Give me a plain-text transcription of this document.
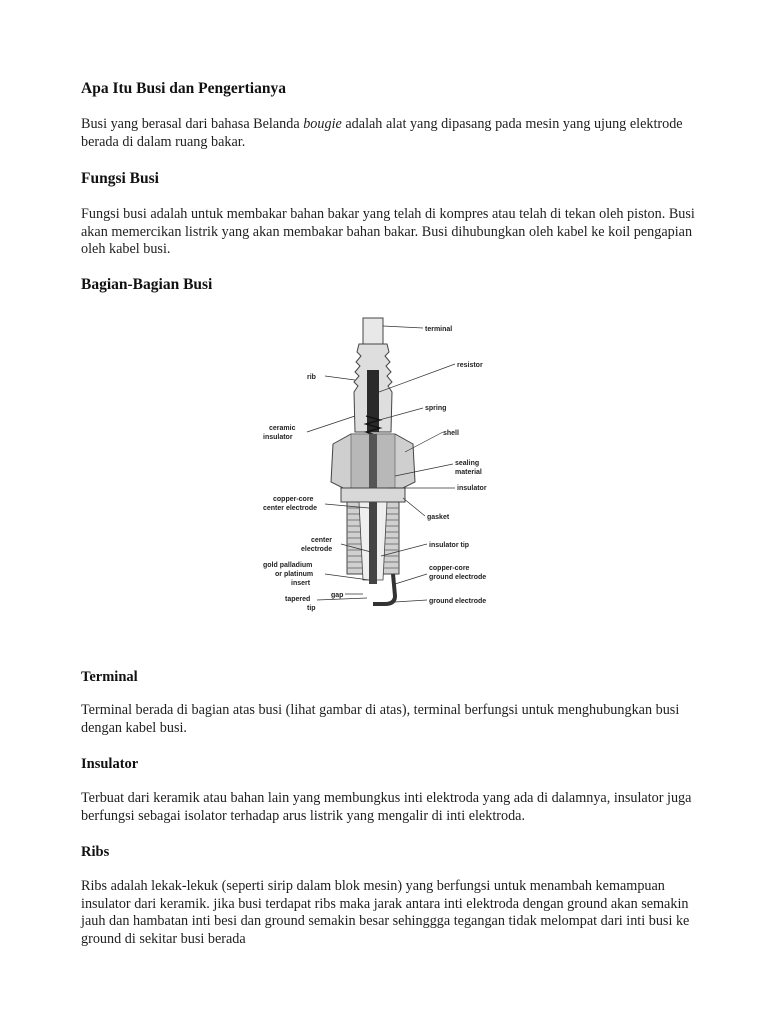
Apa Itu Busi dan Pengertianya

Busi yang berasal dari bahasa Belanda bougie adalah alat yang dipasang pada mesin yang ujung elektrode berada di dalam ruang bakar.

Fungsi Busi

Fungsi busi adalah untuk membakar bahan bakar yang telah di kompres atau telah di tekan oleh piston. Busi akan memercikan listrik yang akan membakar bahan bakar. Busi dihubungkan oleh kabel ke koil pengapian oleh kabel busi.

Bagian-Bagian Busi
terminal
resistor
rib
spring
ceramic
insulator
shell
sealing
material
insulator
copper-core
center electrode
gasket
center
electrode
insulator tip
gold palladium
or platinum
insert
copper-core
ground electrode
tapered
tip
gap
ground electrode
Terminal

Terminal berada di bagian atas busi (lihat gambar di atas), terminal berfungsi untuk menghubungkan busi dengan kabel busi.

Insulator

Terbuat dari keramik atau bahan lain yang membungkus inti elektroda yang ada di dalamnya, insulator juga berfungsi sebagai isolator terhadap arus listrik yang mengalir di inti elektroda.

Ribs

Ribs adalah lekak-lekuk (seperti sirip dalam blok mesin) yang berfungsi untuk menambah kemampuan insulator dari keramik. jika busi terdapat ribs maka jarak antara inti elektroda dengan ground akan semakin jauh dan hambatan inti besi dan ground semakin besar sehinggga tegangan tidak melompat dari inti busi ke ground di sekitar busi berada
